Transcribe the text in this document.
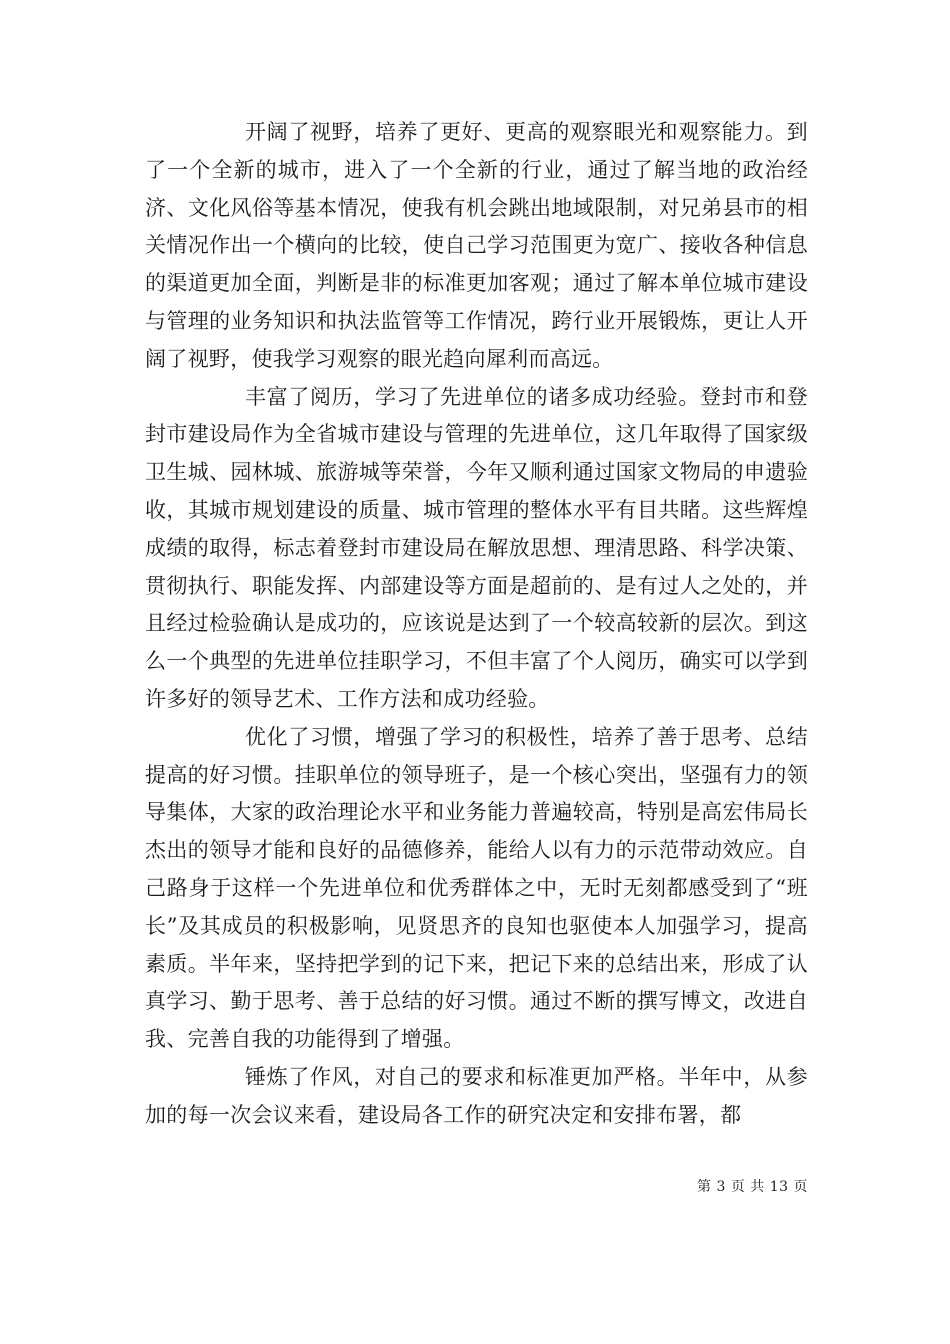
开阔了视野，培养了更好、更高的观察眼光和观察能力。到了一个全新的城市，进入了一个全新的行业，通过了解当地的政治经济、文化风俗等基本情况，使我有机会跳出地域限制，对兄弟县市的相关情况作出一个横向的比较，使自己学习范围更为宽广、接收各种信息的渠道更加全面，判断是非的标准更加客观；通过了解本单位城市建设与管理的业务知识和执法监管等工作情况，跨行业开展锻炼，更让人开阔了视野，使我学习观察的眼光趋向犀利而高远。

丰富了阅历，学习了先进单位的诸多成功经验。登封市和登封市建设局作为全省城市建设与管理的先进单位，这几年取得了国家级卫生城、园林城、旅游城等荣誉，今年又顺利通过国家文物局的申遗验收，其城市规划建设的质量、城市管理的整体水平有目共睹。这些辉煌成绩的取得，标志着登封市建设局在解放思想、理清思路、科学决策、贯彻执行、职能发挥、内部建设等方面是超前的、是有过人之处的，并且经过检验确认是成功的，应该说是达到了一个较高较新的层次。到这么一个典型的先进单位挂职学习，不但丰富了个人阅历，确实可以学到许多好的领导艺术、工作方法和成功经验。

优化了习惯，增强了学习的积极性，培养了善于思考、总结提高的好习惯。挂职单位的领导班子，是一个核心突出，坚强有力的领导集体，大家的政治理论水平和业务能力普遍较高，特别是高宏伟局长杰出的领导才能和良好的品德修养，能给人以有力的示范带动效应。自己路身于这样一个先进单位和优秀群体之中，无时无刻都感受到了“班长”及其成员的积极影响，见贤思齐的良知也驱使本人加强学习，提高素质。半年来，坚持把学到的记下来，把记下来的总结出来，形成了认真学习、勤于思考、善于总结的好习惯。通过不断的撰写博文，改进自我、完善自我的功能得到了增强。

锤炼了作风，对自己的要求和标准更加严格。半年中，从参加的每一次会议来看，建设局各工作的研究决定和安排布署，都

第 3 页 共 13 页
